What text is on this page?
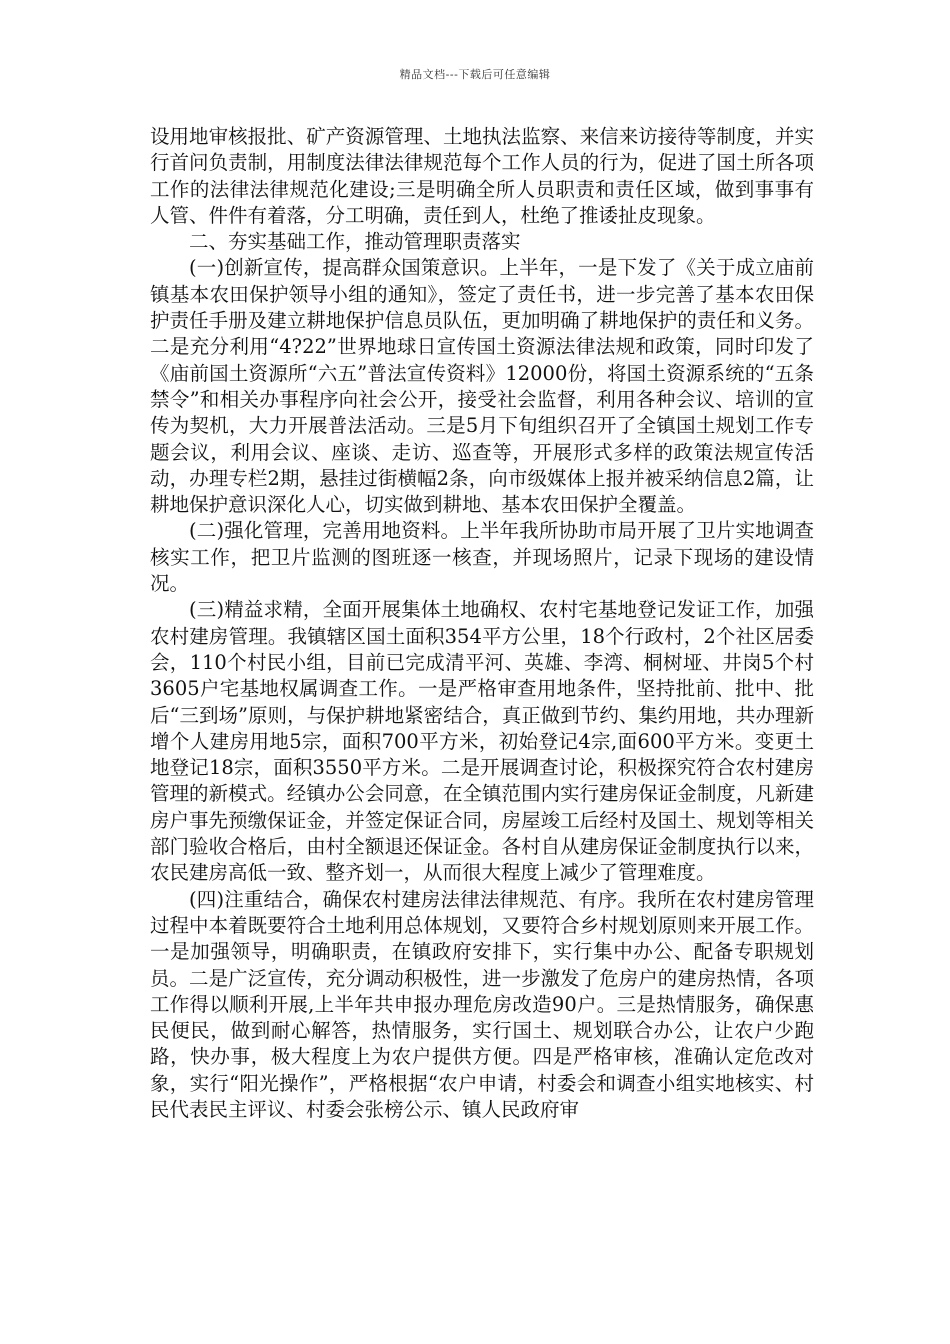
精品文档---下载后可任意编辑

设用地审核报批、矿产资源管理、土地执法监察、来信来访接待等制度，并实行首问负责制，用制度法律法律规范每个工作人员的行为，促进了国土所各项工作的法律法律规范化建设;三是明确全所人员职责和责任区域，做到事事有人管、件件有着落，分工明确，责任到人，杜绝了推诿扯皮现象。

二、夯实基础工作，推动管理职责落实

(一)创新宣传，提高群众国策意识。上半年，一是下发了《关于成立庙前镇基本农田保护领导小组的通知》，签定了责任书，进一步完善了基本农田保护责任手册及建立耕地保护信息员队伍，更加明确了耕地保护的责任和义务。二是充分利用“4?22”世界地球日宣传国土资源法律法规和政策，同时印发了《庙前国土资源所“六五”普法宣传资料》12000份，将国土资源系统的“五条禁令”和相关办事程序向社会公开，接受社会监督，利用各种会议、培训的宣传为契机，大力开展普法活动。三是5月下旬组织召开了全镇国土规划工作专题会议，利用会议、座谈、走访、巡查等，开展形式多样的政策法规宣传活动，办理专栏2期，悬挂过街横幅2条，向市级媒体上报并被采纳信息2篇，让耕地保护意识深化人心，切实做到耕地、基本农田保护全覆盖。

(二)强化管理，完善用地资料。上半年我所协助市局开展了卫片实地调查核实工作，把卫片监测的图班逐一核查，并现场照片，记录下现场的建设情况。

(三)精益求精，全面开展集体土地确权、农村宅基地登记发证工作，加强农村建房管理。我镇辖区国土面积354平方公里，18个行政村，2个社区居委会，110个村民小组，目前已完成清平河、英雄、李湾、桐树垭、井岗5个村3605户宅基地权属调查工作。一是严格审查用地条件，坚持批前、批中、批后“三到场”原则，与保护耕地紧密结合，真正做到节约、集约用地，共办理新增个人建房用地5宗，面积700平方米，初始登记4宗,面600平方米。变更土地登记18宗，面积3550平方米。二是开展调查讨论，积极探究符合农村建房管理的新模式。经镇办公会同意，在全镇范围内实行建房保证金制度，凡新建房户事先预缴保证金，并签定保证合同，房屋竣工后经村及国土、规划等相关部门验收合格后，由村全额退还保证金。各村自从建房保证金制度执行以来，农民建房高低一致、整齐划一，从而很大程度上减少了管理难度。

(四)注重结合，确保农村建房法律法律规范、有序。我所在农村建房管理过程中本着既要符合土地利用总体规划，又要符合乡村规划原则来开展工作。一是加强领导，明确职责，在镇政府安排下，实行集中办公、配备专职规划员。二是广泛宣传，充分调动积极性，进一步激发了危房户的建房热情，各项工作得以顺利开展,上半年共申报办理危房改造90户。三是热情服务，确保惠民便民，做到耐心解答，热情服务，实行国土、规划联合办公，让农户少跑路，快办事，极大程度上为农户提供方便。四是严格审核，准确认定危改对象，实行“阳光操作”，严格根据“农户申请，村委会和调查小组实地核实、村民代表民主评议、村委会张榜公示、镇人民政府审
